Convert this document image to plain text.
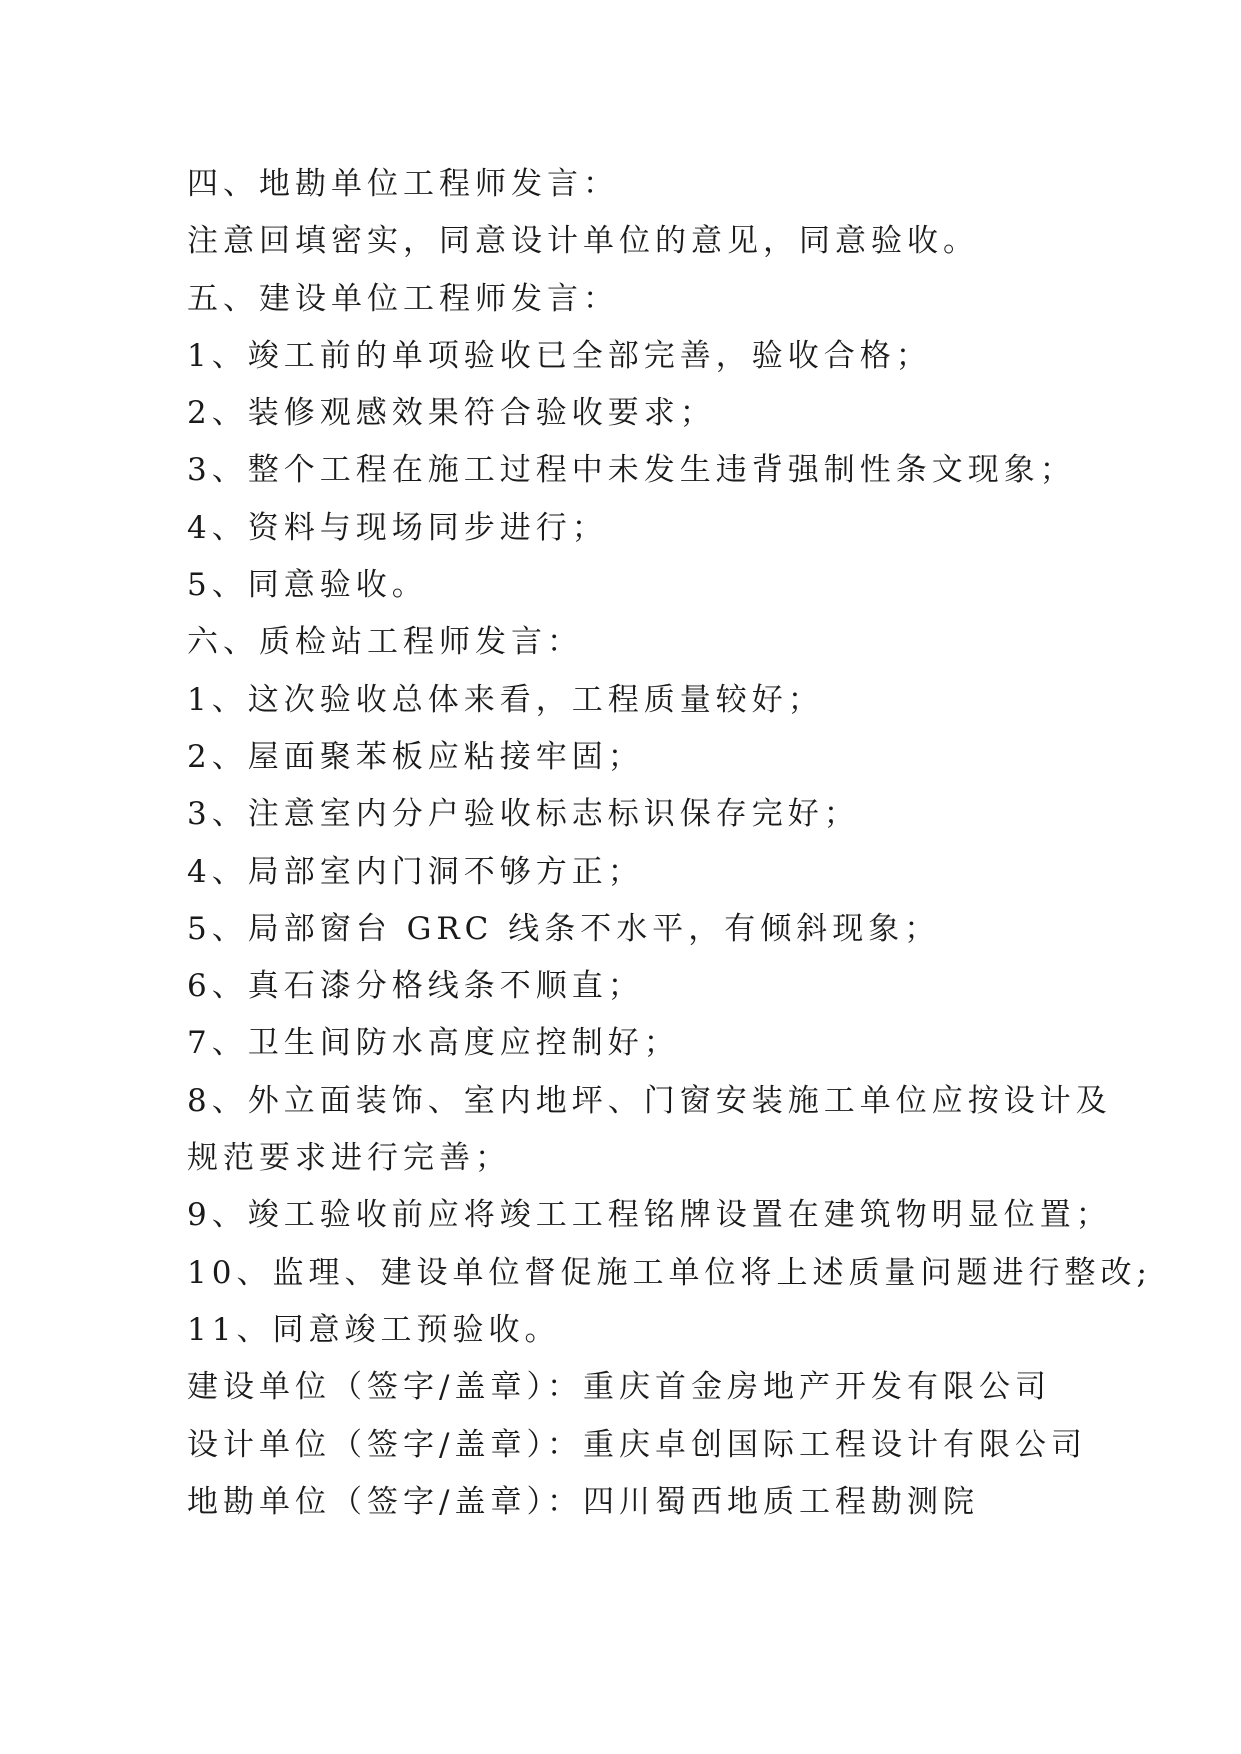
四、地勘单位工程师发言：
注意回填密实，同意设计单位的意见，同意验收。
五、建设单位工程师发言：
1、竣工前的单项验收已全部完善，验收合格；
2、装修观感效果符合验收要求；
3、整个工程在施工过程中未发生违背强制性条文现象；
4、资料与现场同步进行；
5、同意验收。
六、质检站工程师发言：
1、这次验收总体来看，工程质量较好；
2、屋面聚苯板应粘接牢固；
3、注意室内分户验收标志标识保存完好；
4、局部室内门洞不够方正；
5、局部窗台 GRC 线条不水平，有倾斜现象；
6、真石漆分格线条不顺直；
7、卫生间防水高度应控制好；
8、外立面装饰、室内地坪、门窗安装施工单位应按设计及
规范要求进行完善；
9、竣工验收前应将竣工工程铭牌设置在建筑物明显位置；
10、监理、建设单位督促施工单位将上述质量问题进行整改;
11、同意竣工预验收。
建设单位（签字/盖章）：重庆首金房地产开发有限公司
设计单位（签字/盖章）：重庆卓创国际工程设计有限公司
地勘单位（签字/盖章）：四川蜀西地质工程勘测院
